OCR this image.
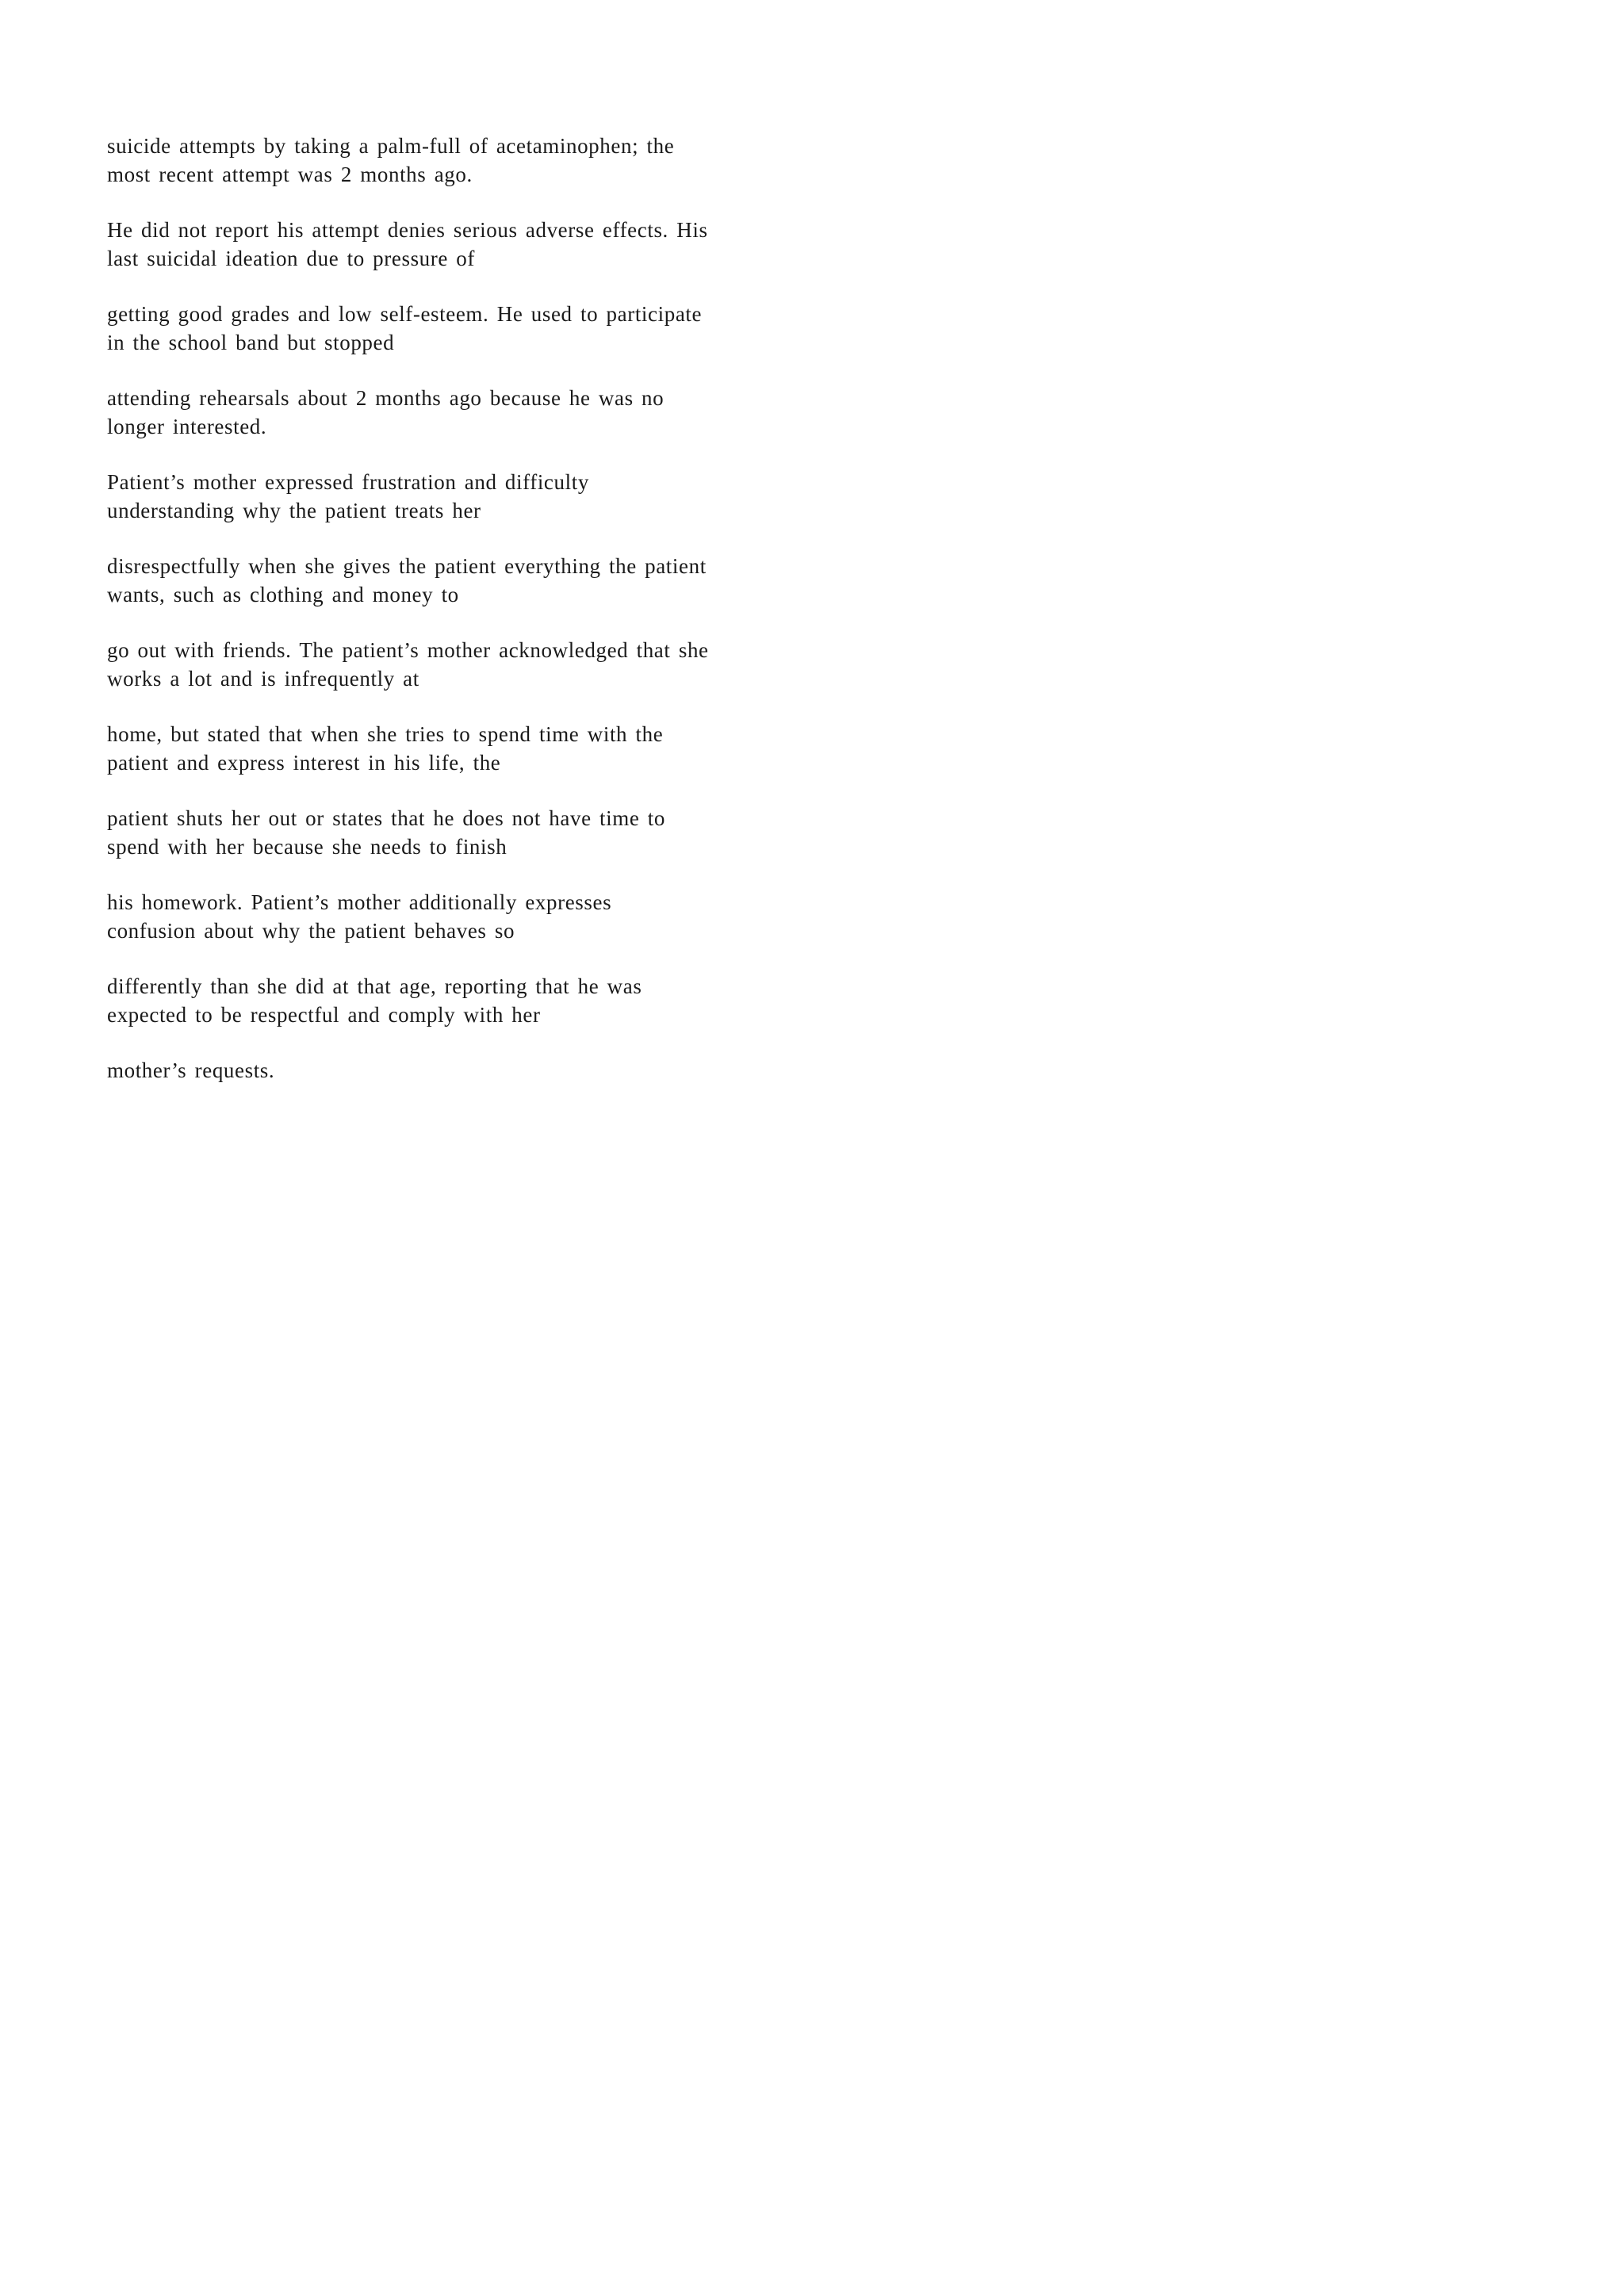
suicide attempts by taking a palm-full of acetaminophen; the
most recent attempt was 2 months ago.

He did not report his attempt denies serious adverse effects. His
last suicidal ideation due to pressure of

getting good grades and low self-esteem. He used to participate
in the school band but stopped

attending rehearsals about 2 months ago because he was no
longer interested.

Patient’s mother expressed frustration and difficulty
understanding why the patient treats her

disrespectfully when she gives the patient everything the patient
wants, such as clothing and money to

go out with friends. The patient’s mother acknowledged that she
works a lot and is infrequently at

home, but stated that when she tries to spend time with the
patient and express interest in his life, the

patient shuts her out or states that he does not have time to
spend with her because she needs to finish

his homework. Patient’s mother additionally expresses
confusion about why the patient behaves so

differently than she did at that age, reporting that he was
expected to be respectful and comply with her

mother’s requests.
